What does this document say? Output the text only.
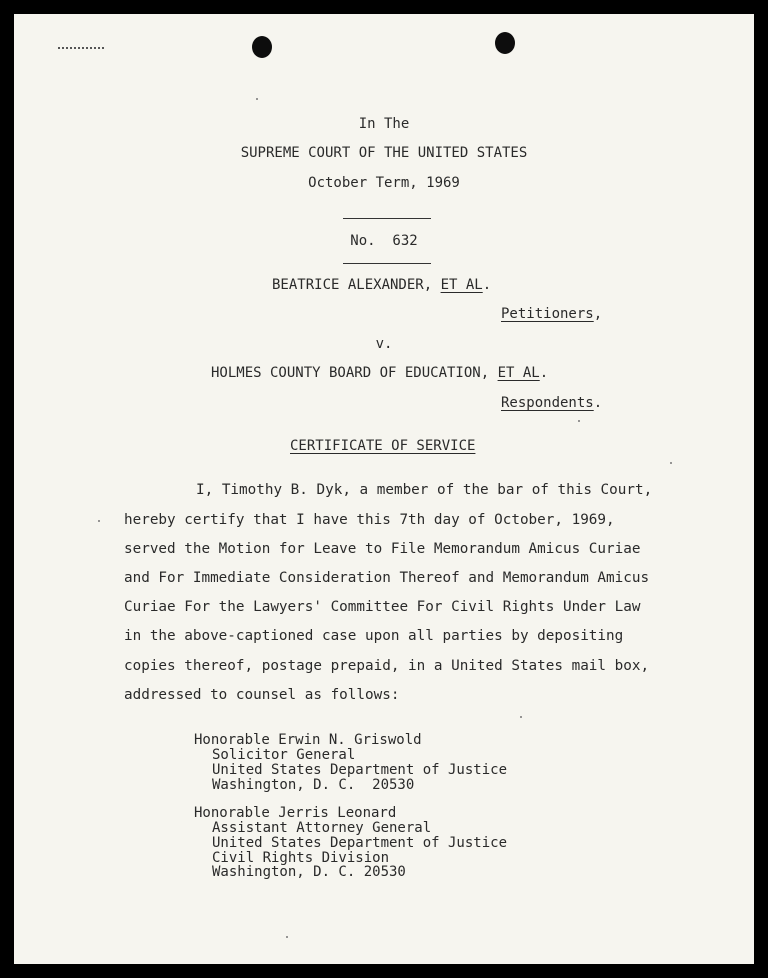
In The
SUPREME COURT OF THE UNITED STATES
October Term, 1969
No.  632
BEATRICE ALEXANDER, ET AL.
Petitioners,
v.
HOLMES COUNTY BOARD OF EDUCATION, ET AL.
Respondents.
CERTIFICATE OF SERVICE
I, Timothy B. Dyk, a member of the bar of this Court,
hereby certify that I have this 7th day of October, 1969,
served the Motion for Leave to File Memorandum Amicus Curiae
and For Immediate Consideration Thereof and Memorandum Amicus
Curiae For the Lawyers' Committee For Civil Rights Under Law
in the above-captioned case upon all parties by depositing
copies thereof, postage prepaid, in a United States mail box,
addressed to counsel as follows:
Honorable Erwin N. Griswold
Solicitor General
United States Department of Justice
Washington, D. C.  20530
Honorable Jerris Leonard
Assistant Attorney General
United States Department of Justice
Civil Rights Division
Washington, D. C. 20530
